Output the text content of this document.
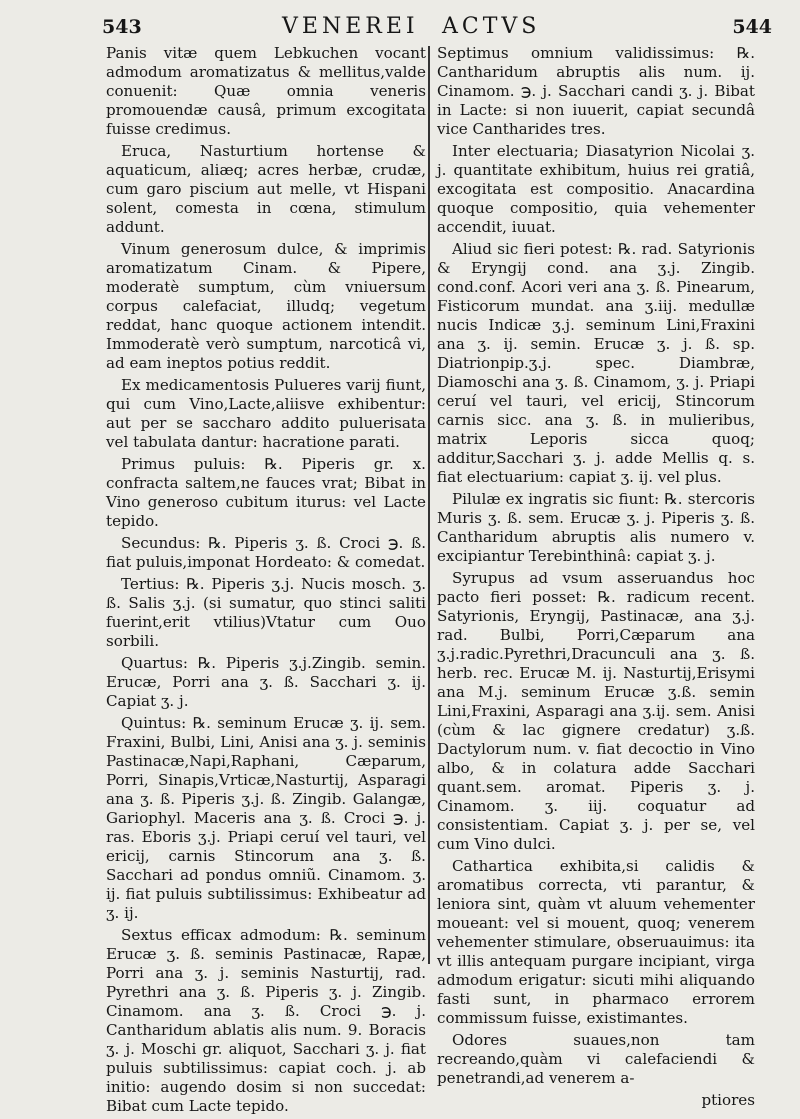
543	VENEREI ACTVS	544

Panis vitæ quem Lebkuchen vocant admodum aromatizatus & mellitus,valde conuenit: Quæ omnia veneris promouendæ causâ, primum excogitata fuisse credimus.

Eruca, Nasturtium hortense & aquaticum, aliæq; acres herbæ, crudæ, cum garo piscium aut melle, vt Hispani solent, comesta in cœna, stimulum addunt.

Vinum generosum dulce, & imprimis aromatizatum Cinam. & Pipere, moderatè sumptum, cùm vniuersum corpus calefaciat, illudq; vegetum reddat, hanc quoque actionem intendit. Immoderatè verò sumptum, narcoticâ vi, ad eam ineptos potius reddit.

Ex medicamentosis Pulueres varij fiunt, qui cum Vino,Lacte,aliisve exhibentur: aut per se saccharo addito puluerisata vel tabulata dantur: hacratione parati.

Primus puluis: ℞. Piperis gr. x. confracta saltem,ne fauces vrat; Bibat in Vino generoso cubitum iturus: vel Lacte tepido.

Secundus: ℞. Piperis ʒ. ß. Croci ℈. ß. fiat puluis,imponat Hordeato: & comedat.

Tertius: ℞. Piperis ʒ.j. Nucis mosch. ʒ. ß. Salis ʒ.j. (si sumatur, quo stinci saliti fuerint,erit vtilius)Vtatur cum Ouo sorbili.

Quartus: ℞. Piperis ʒ.j.Zingib. semin. Erucæ, Porri ana ʒ. ß. Sacchari ʒ. ij. Capiat ʒ. j.

Quintus: ℞. seminum Erucæ ʒ. ij. sem. Fraxini, Bulbi, Lini, Anisi ana ʒ. j. seminis Pastinacæ,Napi,Raphani, Cæparum, Porri, Sinapis,Vrticæ,Nasturtij, Asparagi ana ʒ. ß. Piperis ʒ.j. ß. Zingib. Galangæ, Gariophyl. Maceris ana ʒ. ß. Croci ℈. j. ras. Eboris ʒ.j. Priapi ceruí vel tauri, vel ericij, carnis Stincorum ana ʒ. ß. Sacchari ad pondus omniũ. Cinamom. ʒ. ij. fiat puluis subtilissimus: Exhibeatur ad ʒ. ij.

Sextus efficax admodum: ℞. seminum Erucæ ʒ. ß. seminis Pastinacæ, Rapæ, Porri ana ʒ. j. seminis Nasturtij, rad. Pyrethri ana ʒ. ß. Piperis ʒ. j. Zingib. Cinamom. ana ʒ. ß. Croci ℈. j. Cantharidum ablatis alis num. 9. Boracis ʒ. j. Moschi gr. aliquot, Sacchari ʒ. j. fiat puluis subtilissimus: capiat coch. j. ab initio: augendo dosim si non succedat: Bibat cum Lacte tepido.

Septimus omnium validissimus: ℞. Cantharidum abruptis alis num. ij. Cinamom. ℈. j. Sacchari candi ʒ. j. Bibat in Lacte: si non iuuerit, capiat secundâ vice Cantharides tres.

Inter electuaria; Diasatyrion Nicolai ʒ. j. quantitate exhibitum, huius rei gratiâ, excogitata est compositio. Anacardina quoque compositio, quia vehementer accendit, iuuat.

Aliud sic fieri potest: ℞. rad. Satyrionis & Eryngij cond. ana ʒ.j. Zingib. cond.conf. Acori veri ana ʒ. ß. Pinearum, Fisticorum mundat. ana ʒ.iij. medullæ nucis Indicæ ʒ.j. seminum Lini,Fraxini ana ʒ. ij. semin. Erucæ ʒ. j. ß. sp. Diatrionpip.ʒ.j. spec. Diambræ, Diamoschi ana ʒ. ß. Cinamom, ʒ. j. Priapi ceruí vel tauri, vel ericij, Stincorum carnis sicc. ana ʒ. ß. in mulieribus, matrix Leporis sicca quoq; additur,Sacchari ʒ. j. adde Mellis q. s. fiat electuarium: capiat ʒ. ij. vel plus.

Pilulæ ex ingratis sic fiunt: ℞. stercoris Muris ʒ. ß. sem. Erucæ ʒ. j. Piperis ʒ. ß. Cantharidum abruptis alis numero v. excipiantur Terebinthinâ: capiat ʒ. j.

Syrupus ad vsum asseruandus hoc pacto fieri posset: ℞. radicum recent. Satyrionis, Eryngij, Pastinacæ, ana ʒ.j. rad. Bulbi, Porri,Cæparum ana ʒ.j.radic.Pyrethri,Dracunculi ana ʒ. ß. herb. rec. Erucæ M. ij. Nasturtij,Erisymi ana M.j. seminum Erucæ ʒ.ß. semin Lini,Fraxini, Asparagi ana ʒ.ij. sem. Anisi (cùm & lac gignere credatur) ʒ.ß. Dactylorum num. v. fiat decoctio in Vino albo, & in colatura adde Sacchari quant.sem. aromat. Piperis ʒ. j. Cinamom. ʒ. iij. coquatur ad consistentiam. Capiat ʒ. j. per se, vel cum Vino dulci.

Cathartica exhibita,si calidis & aromatibus correcta, vti parantur, & leniora sint, quàm vt aluum vehementer moueant: vel si mouent, quoq; venerem vehementer stimulare, obseruauimus: ita vt illis antequam purgare incipiant, virga admodum erigatur: sicuti mihi aliquando fasti sunt, in pharmaco errorem commissum fuisse, existimantes.

Odores suaues,non tam recreando,quàm vi calefaciendi & penetrandi,ad venerem a-

ptiores
